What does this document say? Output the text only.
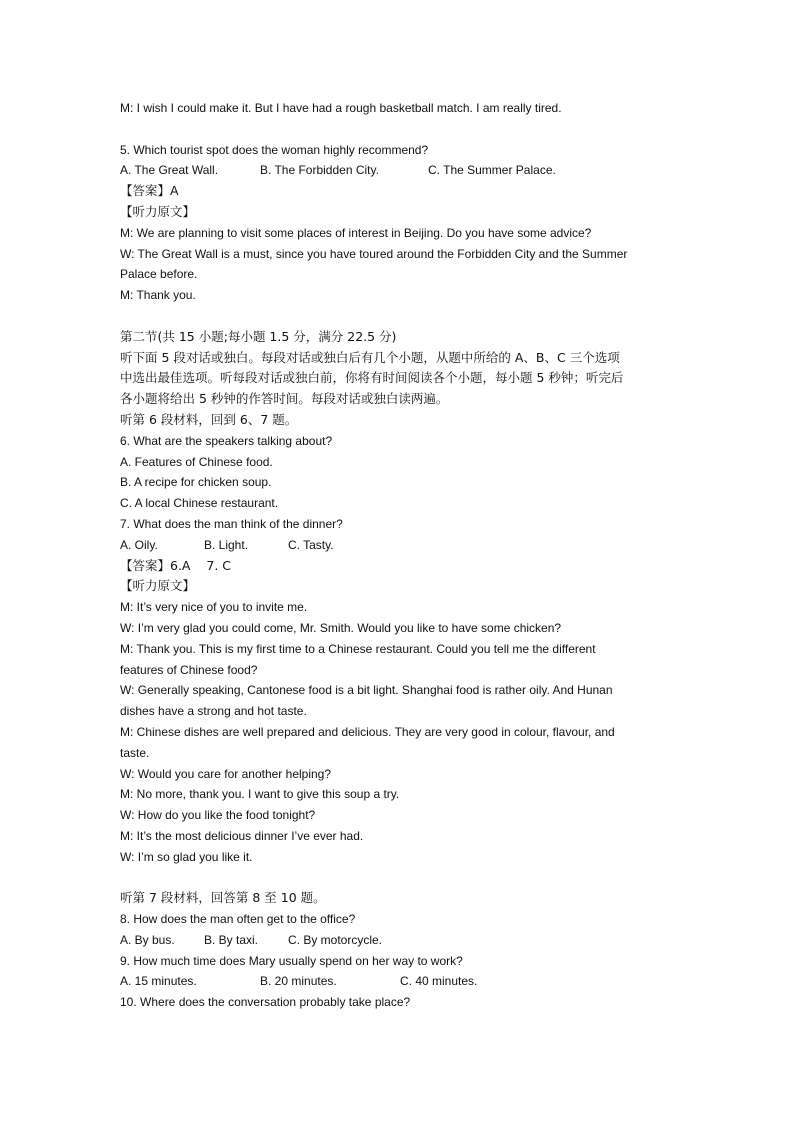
M: I wish I could make it. But I have had a rough basketball match. I am really tired.
5. Which tourist spot does the woman highly recommend?
A. The Great Wall.	B. The Forbidden City.	C. The Summer Palace.
【答案】A
【听力原文】
M: We are planning to visit some places of interest in Beijing. Do you have some advice?
W: The Great Wall is a must, since you have toured around the Forbidden City and the Summer
Palace before.
M: Thank you.
第二节(共 15 小题;每小题 1.5 分，满分 22.5 分)
听下面 5 段对话或独白。每段对话或独白后有几个小题，从题中所给的 A、B、C 三个选项
中选出最佳选项。听每段对话或独白前，你将有时间阅读各个小题，每小题 5 秒钟；听完后
各小题将给出 5 秒钟的作答时间。每段对话或独白读两遍。
听第 6 段材料，回到 6、7 题。
6. What are the speakers talking about?
A. Features of Chinese food.
B. A recipe for chicken soup.
C. A local Chinese restaurant.
7. What does the man think of the dinner?
A. Oily.	B. Light.	C. Tasty.
【答案】6.A    7. C
【听力原文】
M: It’s very nice of you to invite me.
W: I’m very glad you could come, Mr. Smith. Would you like to have some chicken?
M: Thank you. This is my first time to a Chinese restaurant. Could you tell me the different
features of Chinese food?
W: Generally speaking, Cantonese food is a bit light. Shanghai food is rather oily. And Hunan
dishes have a strong and hot taste.
M: Chinese dishes are well prepared and delicious. They are very good in colour, flavour, and
taste.
W: Would you care for another helping?
M: No more, thank you. I want to give this soup a try.
W: How do you like the food tonight?
M: It’s the most delicious dinner I’ve ever had.
W: I’m so glad you like it.
听第 7 段材料，回答第 8 至 10 题。
8. How does the man often get to the office?
A. By bus.	B. By taxi.	C. By motorcycle.
9. How much time does Mary usually spend on her way to work?
A. 15 minutes.	B. 20 minutes.	C. 40 minutes.
10. Where does the conversation probably take place?
